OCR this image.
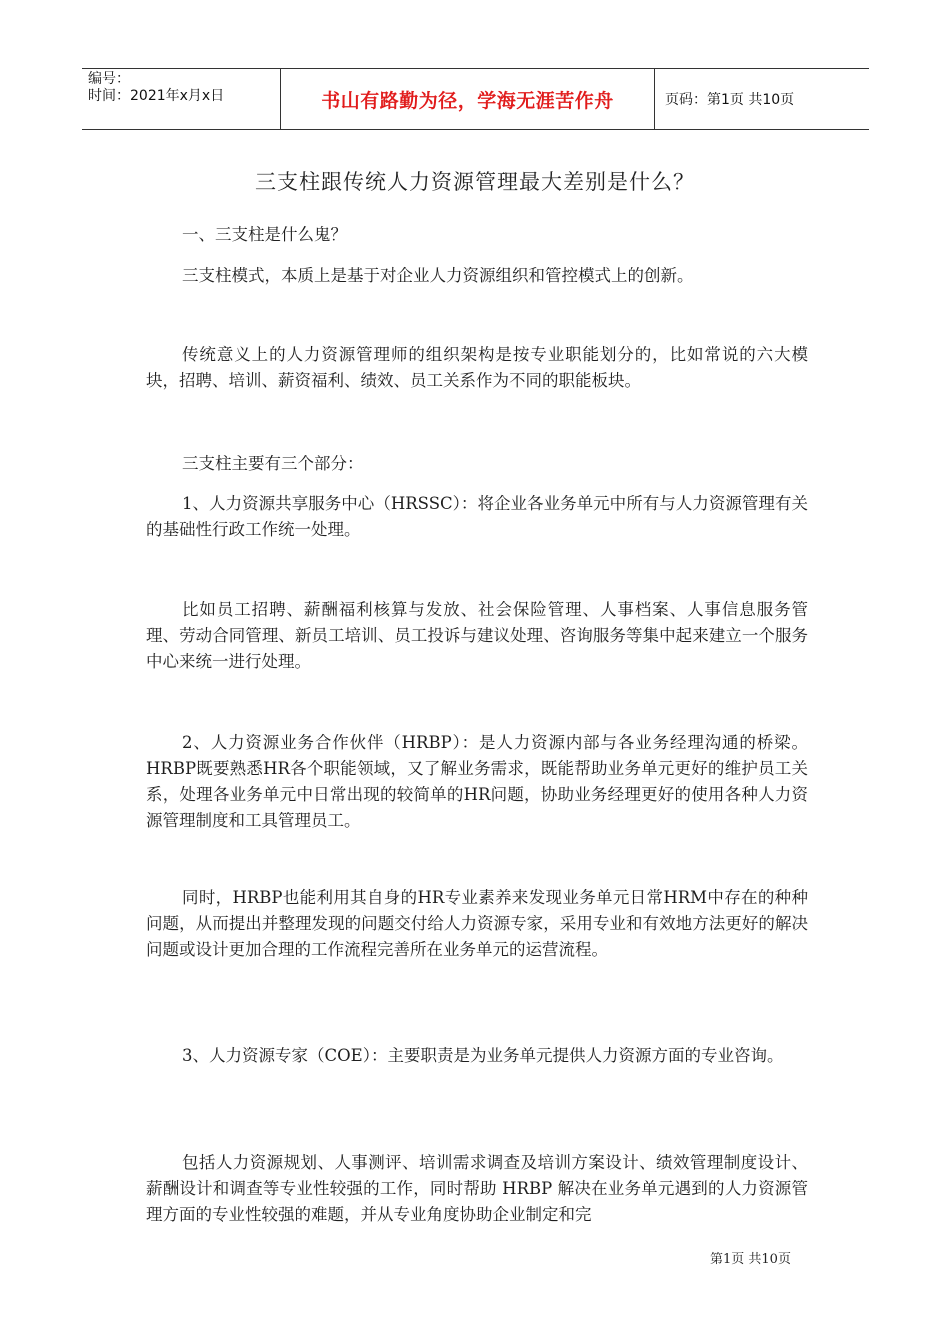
编号：
时间：2021年x月x日	书山有路勤为径，学海无涯苦作舟	页码：第1页 共10页
三支柱跟传统人力资源管理最大差别是什么？

一、三支柱是什么鬼？

三支柱模式，本质上是基于对企业人力资源组织和管控模式上的创新。

传统意义上的人力资源管理师的组织架构是按专业职能划分的，比如常说的六大模块，招聘、培训、薪资福利、绩效、员工关系作为不同的职能板块。

三支柱主要有三个部分：

1、人力资源共享服务中心（HRSSC）：将企业各业务单元中所有与人力资源管理有关的基础性行政工作统一处理。

比如员工招聘、薪酬福利核算与发放、社会保险管理、人事档案、人事信息服务管理、劳动合同管理、新员工培训、员工投诉与建议处理、咨询服务等集中起来建立一个服务中心来统一进行处理。

2、人力资源业务合作伙伴（HRBP）：是人力资源内部与各业务经理沟通的桥梁。HRBP既要熟悉HR各个职能领域，又了解业务需求，既能帮助业务单元更好的维护员工关系，处理各业务单元中日常出现的较简单的HR问题，协助业务经理更好的使用各种人力资源管理制度和工具管理员工。

同时，HRBP也能利用其自身的HR专业素养来发现业务单元日常HRM中存在的种种问题，从而提出并整理发现的问题交付给人力资源专家，采用专业和有效地方法更好的解决问题或设计更加合理的工作流程完善所在业务单元的运营流程。

3、人力资源专家（COE）：主要职责是为业务单元提供人力资源方面的专业咨询。

包括人力资源规划、人事测评、培训需求调查及培训方案设计、绩效管理制度设计、薪酬设计和调查等专业性较强的工作，同时帮助 HRBP 解决在业务单元遇到的人力资源管理方面的专业性较强的难题，并从专业角度协助企业制定和完

第1页 共10页
